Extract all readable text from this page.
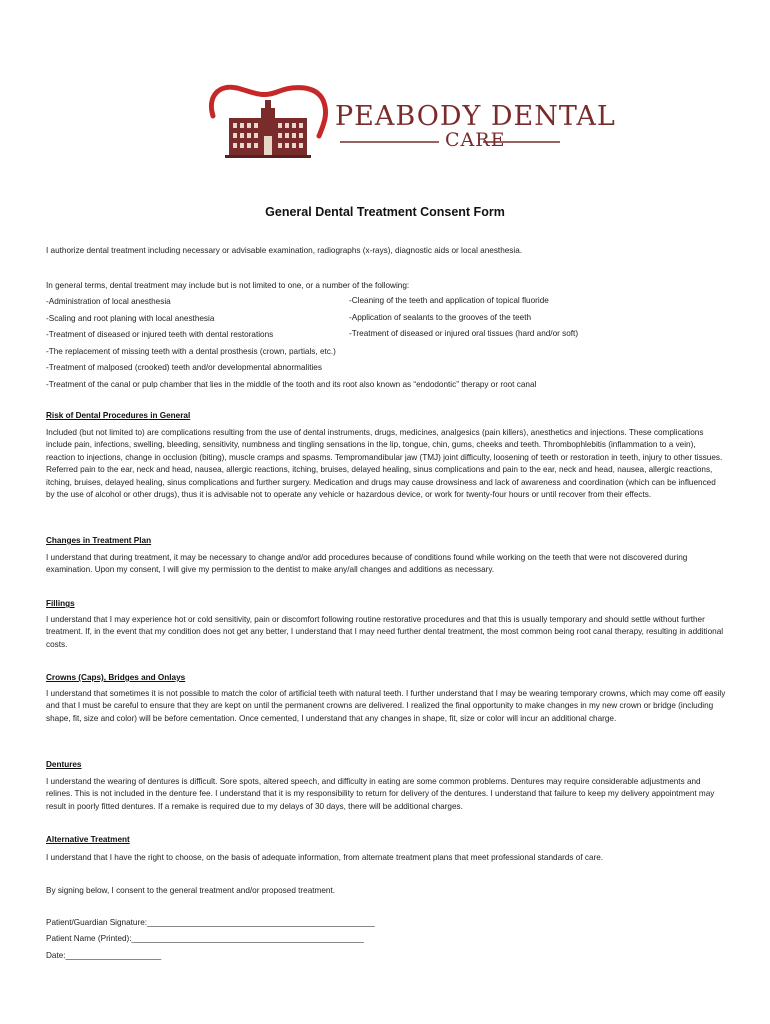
PEABODY DENTAL
CARE
General Dental Treatment Consent Form
I authorize dental treatment including necessary or advisable examination, radiographs (x-rays), diagnostic aids or local anesthesia.
In general terms, dental treatment may include but is not limited to one, or a number of the following:
-Administration of local anesthesia	-Cleaning of the teeth and application of topical fluoride
-Scaling and root planing with local anesthesia	-Application of sealants to the grooves of the teeth
-Treatment of diseased or injured teeth with dental restorations	-Treatment of diseased or injured oral tissues (hard and/or soft)
-The replacement of missing teeth with a dental prosthesis (crown, partials, etc.)
-Treatment of malposed (crooked) teeth and/or developmental abnormalities
-Treatment of the canal or pulp chamber that lies in the middle of the tooth and its root also known as “endodontic” therapy or root canal
Risk of Dental Procedures in General
Included (but not limited to) are complications resulting from the use of dental instruments, drugs, medicines, analgesics (pain killers), anesthetics and injections. These complications include pain, infections, swelling, bleeding, sensitivity, numbness and tingling sensations in the lip, tongue, chin, gums, cheeks and teeth. Thrombophlebitis (inflammation to a vein), reaction to injections, change in occlusion (biting), muscle cramps and spasms. Tempromandibular jaw (TMJ) joint difficulty, loosening of teeth or restoration in teeth, injury to other tissues. Referred pain to the ear, neck and head, nausea, allergic reactions, itching, bruises, delayed healing, sinus complications and pain to the ear, neck and head, nausea, allergic reactions, itching, bruises, delayed healing, sinus complications and further surgery. Medication and drugs may cause drowsiness and lack of awareness and coordination (which can be influenced by the use of alcohol or other drugs), thus it is advisable not to operate any vehicle or hazardous device, or work for twenty-four hours or until recover from their effects.
Changes in Treatment Plan
I understand that during treatment, it may be necessary to change and/or add procedures because of conditions found while working on the teeth that were not discovered during examination. Upon my consent, I will give my permission to the dentist to make any/all changes and additions as necessary.
Fillings
I understand that I may experience hot or cold sensitivity, pain or discomfort following routine restorative procedures and that this is usually temporary and should settle without further treatment. If, in the event that my condition does not get any better, I understand that I may need further dental treatment, the most common being root canal therapy, resulting in additional costs.
Crowns (Caps), Bridges and Onlays
I understand that sometimes it is not possible to match the color of artificial teeth with natural teeth. I further understand that I may be wearing temporary crowns, which may come off easily and that I must be careful to ensure that they are kept on until the permanent crowns are delivered. I realized the final opportunity to make changes in my new crown or bridge (including shape, fit, size and color) will be before cementation. Once cemented, I understand that any changes in shape, fit, size or color will incur an additional charge.
Dentures
I understand the wearing of dentures is difficult. Sore spots, altered speech, and difficulty in eating are some common problems. Dentures may require considerable adjustments and relines. This is not included in the denture fee. I understand that it is my responsibility to return for delivery of the dentures. I understand that failure to keep my delivery appointment may result in poorly fitted dentures. If a remake is required due to my delays of 30 days, there will be additional charges.
Alternative Treatment
I understand that I have the right to choose, on the basis of adequate information, from alternate treatment plans that meet professional standards of care.
By signing below, I consent to the general treatment and/or proposed treatment.
Patient/Guardian Signature:__________________________________________________
Patient Name (Printed):___________________________________________________
Date:_____________________
